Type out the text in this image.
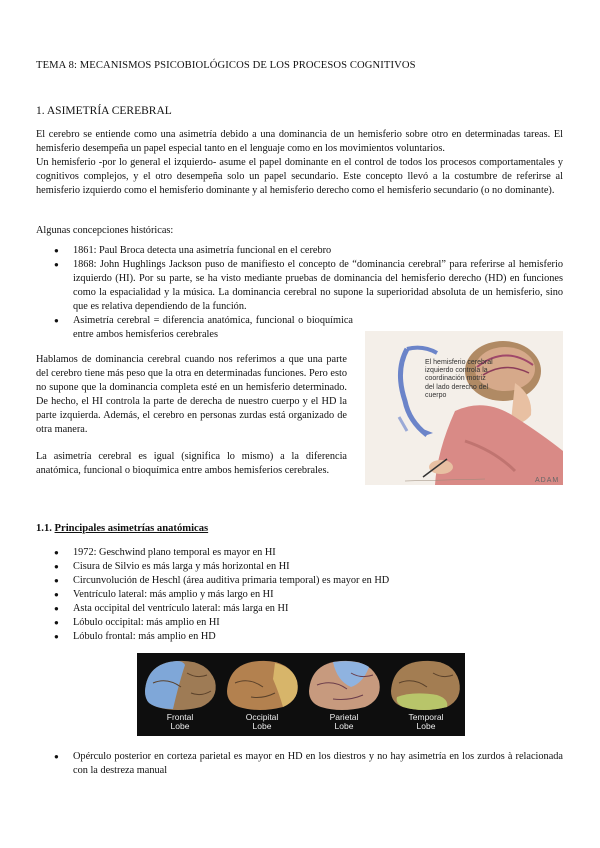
TEMA 8: MECANISMOS PSICOBIOLÓGICOS DE LOS PROCESOS COGNITIVOS
1. ASIMETRÍA CEREBRAL
El cerebro se entiende como una asimetría debido a una dominancia de un hemisferio sobre otro en determinadas tareas. El hemisferio desempeña un papel especial tanto en el lenguaje como en los movimientos voluntarios.
Un hemisferio -por lo general el izquierdo- asume el papel dominante en el control de todos los procesos comportamentales y cognitivos complejos, y el otro desempeña solo un papel secundario. Este concepto llevó a la costumbre de referirse al hemisferio izquierdo como el hemisferio dominante y al hemisferio derecho como el hemisferio secundario (o no dominante).
Algunas concepciones históricas:
● 1861: Paul Broca detecta una asimetría funcional en el cerebro
● 1868: John Hughlings Jackson puso de manifiesto el concepto de “dominancia cerebral” para referirse al hemisferio izquierdo (HI). Por su parte, se ha visto mediante pruebas de dominancia del hemisferio derecho (HD) en funciones como la espacialidad y la música. La dominancia cerebral no supone la superioridad absoluta de un hemisferio, sino que es relativa dependiendo de la función.
● Asimetría cerebral = diferencia anatómica, funcional o bioquímica entre ambos hemisferios cerebrales
Hablamos de dominancia cerebral cuando nos referimos a que una parte del cerebro tiene más peso que la otra en determinadas funciones. Pero esto no supone que la dominancia completa esté en un hemisferio determinado. De hecho, el HI controla la parte de derecha de nuestro cuerpo y el HD la parte izquierda. Además, el cerebro en personas zurdas está organizado de otra manera.
La asimetría cerebral es igual (significa lo mismo) a la diferencia anatómica, funcional o bioquímica entre ambos hemisferios cerebrales.
El hemisferio cerebral izquierdo controla la coordinación motriz del lado derecho del cuerpo
ADAM
1.1. Principales asimetrías anatómicas
● 1972: Geschwind plano temporal es mayor en HI
● Cisura de Silvio es más larga y más horizontal en HI
● Circunvolución de Heschl (área auditiva primaria temporal) es mayor en HD
● Ventrículo lateral: más amplio y más largo en HI
● Asta occipital del ventrículo lateral: más larga en HI
● Lóbulo occipital: más amplio en HI
● Lóbulo frontal: más amplio en HD
Frontal
Lobe
Occipital
Lobe
Parietal
Lobe
Temporal
Lobe
● Opérculo posterior en corteza parietal es mayor en HD en los diestros y no hay asimetría en los zurdos à relacionada con la destreza manual
